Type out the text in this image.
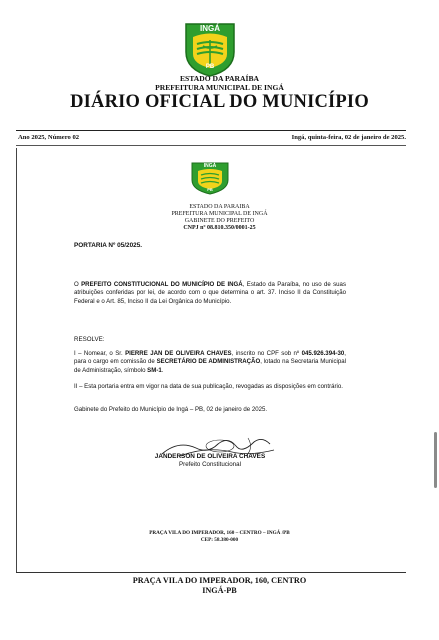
INGÁ
PB
ESTADO DA PARAÍBA
PREFEITURA MUNICIPAL DE INGÁ
DIÁRIO OFICIAL DO MUNICÍPIO
Ano 2025, Número 02	Ingá, quinta-feira, 02 de janeiro de 2025.
INGÁ
PB
ESTADO DA PARAIBA
PREFEITURA MUNICIPAL DE INGÁ
GABINETE DO PREFEITO
CNPJ nº 08.810.350/0001-25
PORTARIA Nº 05/2025.
O PREFEITO CONSTITUCIONAL DO MUNICÍPIO DE INGÁ, Estado da Paraíba, no uso de suas atribuições conferidas por lei, de acordo com o que determina o art. 37. Inciso II da Constituição Federal e o Art. 85, Inciso II da Lei Orgânica do Município.
RESOLVE:
I – Nomear, o Sr. PIERRE JAN DE OLIVEIRA CHAVES, inscrito no CPF sob nº 045.926.394-30, para o cargo em comissão de SECRETÁRIO DE ADMINISTRAÇÃO, lotado na Secretaria Municipal de Administração, símbolo SM-1.
II – Esta portaria entra em vigor na data de sua publicação, revogadas as disposições em contrário.
Gabinete do Prefeito do Município de Ingá – PB, 02 de janeiro de 2025.
JANDERSON DE OLIVEIRA CHAVES
Prefeito Constitucional
PRAÇA VILA DO IMPERADOR, 160 – CENTRO – INGÁ /PB
CEP: 58.380-000
PRAÇA VILA DO IMPERADOR, 160, CENTRO
INGÁ-PB
